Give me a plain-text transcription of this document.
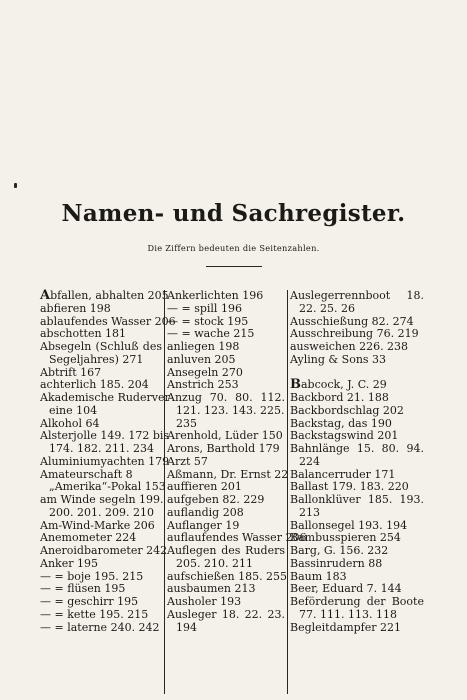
Namen- und Sachregister.
Die Ziffern bedeuten die Seitenzahlen.
Abfallen, abhalten 205
abfieren 198
ablaufendes Wasser 206
abschotten 181
Absegeln (Schluß des
Segeljahres) 271
Abtrift 167
achterlich 185. 204
Akademische Ruderver-
eine 104
Alkohol 64
Alsterjolle 149. 172 bis
174. 182. 211. 234
Aluminiumyachten 179
Amateurschaft 8
„Amerika“-Pokal 153
am Winde segeln 199.
200. 201. 209. 210
Am-Wind-Marke 206
Anemometer 224
Aneroidbarometer 242
Anker 195
— = boje 195. 215
— = flüsen 195
— = geschirr 195
— = kette 195. 215
— = laterne 240. 242
Ankerlichten 196
— = spill 196
— = stock 195
— = wache 215
anliegen 198
anluven 205
Ansegeln 270
Anstrich 253
Anzug 70. 80. 112.
121. 123. 143. 225.
235
Arenhold, Lüder 150
Arons, Barthold 179
Arzt 57
Aßmann, Dr. Ernst 22
auffieren 201
aufgeben 82. 229
auflandig 208
Auflanger 19
auflaufendes Wasser 206
Auflegen des Ruders
205. 210. 211
aufschießen 185. 255
ausbaumen 213
Ausholer 193
Ausleger 18. 22. 23.
194
Auslegerrennboot 18.
22. 25. 26
Ausschießung 82. 274
Ausschreibung 76. 219
ausweichen 226. 238
Ayling & Sons 33

Babcock, J. C. 29
Backbord 21. 188
Backbordschlag 202
Backstag, das 190
Backstagswind 201
Bahnlänge 15. 80. 94.
224
Balancerruder 171
Ballast 179. 183. 220
Ballonklüver 185. 193.
213
Ballonsegel 193. 194
Bambusspieren 254
Barg, G. 156. 232
Bassinrudern 88
Baum 183
Beer, Eduard 7. 144
Beförderung der Boote
77. 111. 113. 118
Begleitdampfer 221
